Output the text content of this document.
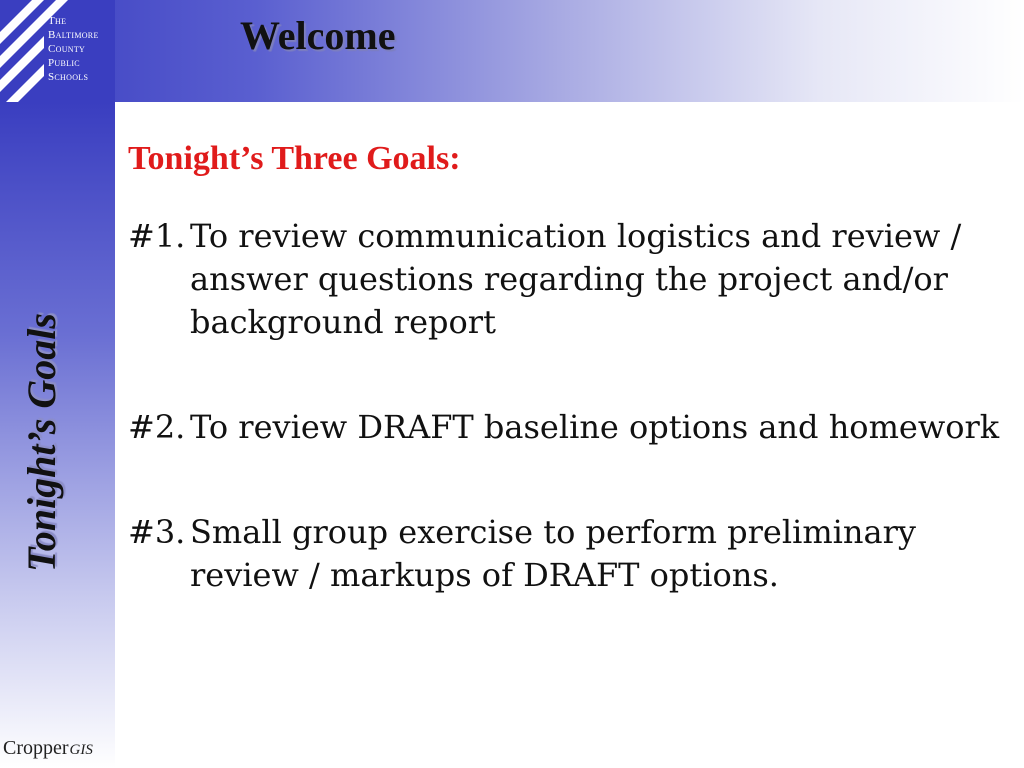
The
Baltimore
County
Public
Schools
Welcome
Tonight’s Goals
Tonight’s Three Goals:
#1. To review communication logistics and review / answer questions regarding the project and/or background report
#2. To review DRAFT baseline options and homework
#3. Small group exercise to perform preliminary review / markups of DRAFT options.
CropperGIS
